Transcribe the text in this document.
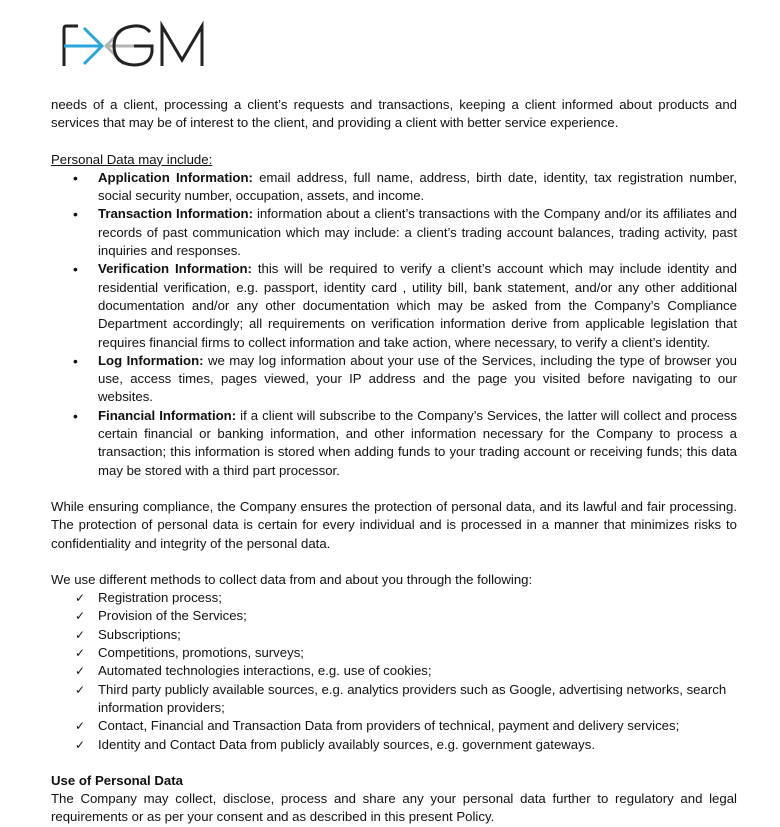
needs of a client, processing a client’s requests and transactions, keeping a client informed about products and services that may be of interest to the client, and providing a client with better service experience.

Personal Data may include:

• Application Information: email address, full name, address, birth date, identity, tax registration number, social security number, occupation, assets, and income.
• Transaction Information: information about a client’s transactions with the Company and/or its affiliates and records of past communication which may include: a client’s trading account balances, trading activity, past inquiries and responses.
• Verification Information: this will be required to verify a client’s account which may include identity and residential verification, e.g. passport, identity card , utility bill, bank statement, and/or any other additional documentation and/or any other documentation which may be asked from the Company’s Compliance Department accordingly; all requirements on verification information derive from applicable legislation that requires financial firms to collect information and take action, where necessary, to verify a client’s identity.
• Log Information: we may log information about your use of the Services, including the type of browser you use, access times, pages viewed, your IP address and the page you visited before navigating to our websites.
• Financial Information: if a client will subscribe to the Company’s Services, the latter will collect and process certain financial or banking information, and other information necessary for the Company to process a transaction; this information is stored when adding funds to your trading account or receiving funds; this data may be stored with a third part processor.

While ensuring compliance, the Company ensures the protection of personal data, and its lawful and fair processing. The protection of personal data is certain for every individual and is processed in a manner that minimizes risks to confidentiality and integrity of the personal data.

We use different methods to collect data from and about you through the following:

✓ Registration process;
✓ Provision of the Services;
✓ Subscriptions;
✓ Competitions, promotions, surveys;
✓ Automated technologies interactions, e.g. use of cookies;
✓ Third party publicly available sources, e.g. analytics providers such as Google, advertising networks, search information providers;
✓ Contact, Financial and Transaction Data from providers of technical, payment and delivery services;
✓ Identity and Contact Data from publicly availably sources, e.g. government gateways.

Use of Personal Data

The Company may collect, disclose, process and share any your personal data further to regulatory and legal requirements or as per your consent and as described in this present Policy.
